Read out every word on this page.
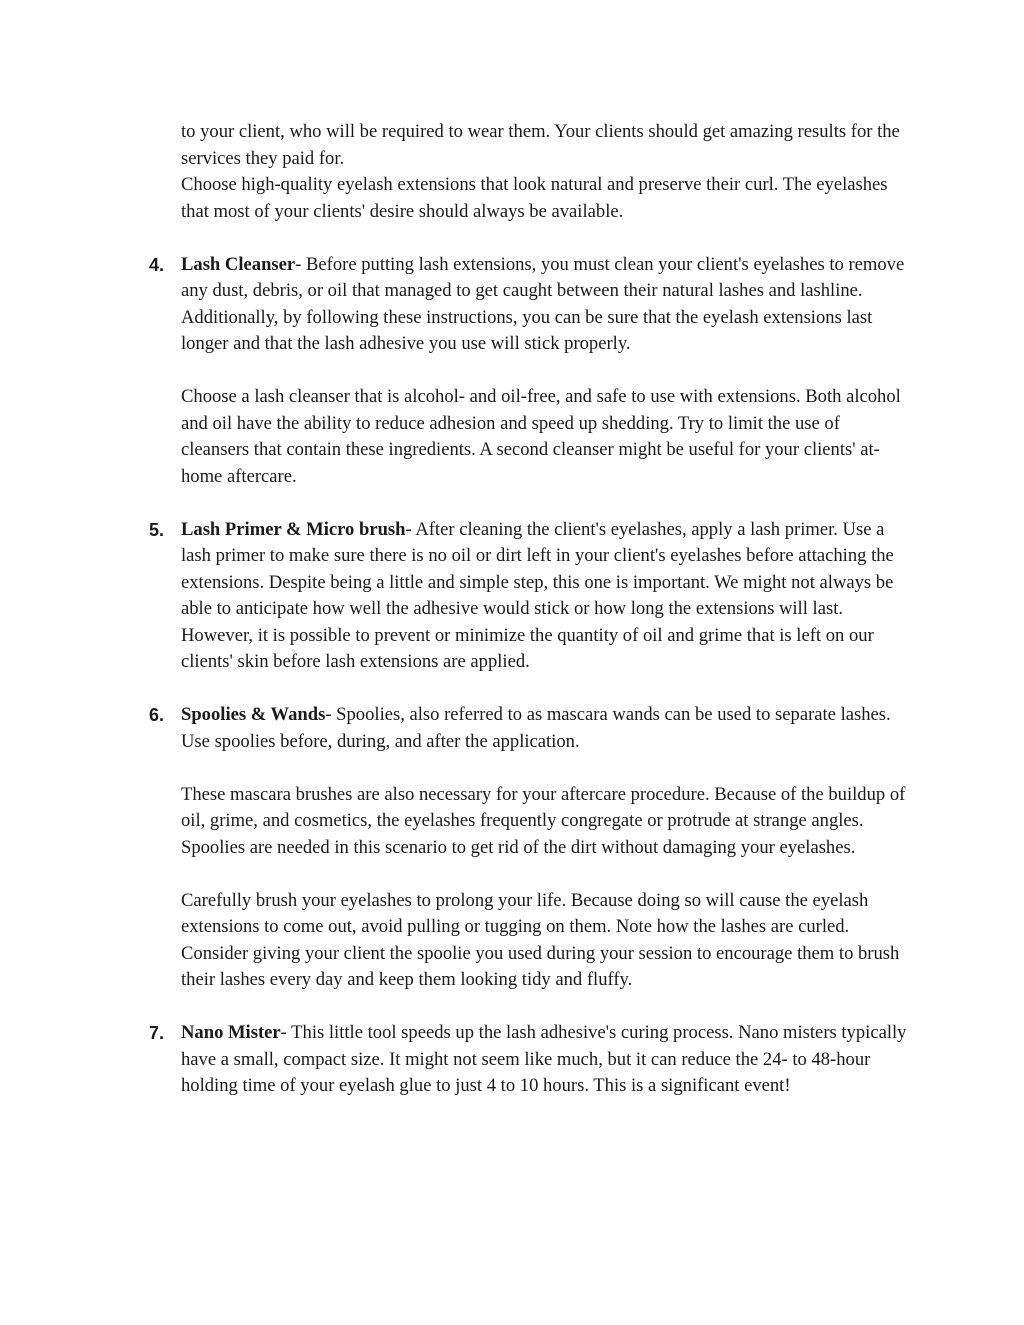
to your client, who will be required to wear them. Your clients should get amazing results for the services they paid for.

Choose high-quality eyelash extensions that look natural and preserve their curl. The eyelashes that most of your clients' desire should always be available.

4. Lash Cleanser- Before putting lash extensions, you must clean your client's eyelashes to remove any dust, debris, or oil that managed to get caught between their natural lashes and lashline. Additionally, by following these instructions, you can be sure that the eyelash extensions last longer and that the lash adhesive you use will stick properly.

Choose a lash cleanser that is alcohol- and oil-free, and safe to use with extensions. Both alcohol and oil have the ability to reduce adhesion and speed up shedding. Try to limit the use of cleansers that contain these ingredients. A second cleanser might be useful for your clients' at-home aftercare.

5. Lash Primer & Micro brush- After cleaning the client's eyelashes, apply a lash primer. Use a lash primer to make sure there is no oil or dirt left in your client's eyelashes before attaching the extensions. Despite being a little and simple step, this one is important. We might not always be able to anticipate how well the adhesive would stick or how long the extensions will last. However, it is possible to prevent or minimize the quantity of oil and grime that is left on our clients' skin before lash extensions are applied.

6. Spoolies & Wands- Spoolies, also referred to as mascara wands can be used to separate lashes. Use spoolies before, during, and after the application.

These mascara brushes are also necessary for your aftercare procedure. Because of the buildup of oil, grime, and cosmetics, the eyelashes frequently congregate or protrude at strange angles. Spoolies are needed in this scenario to get rid of the dirt without damaging your eyelashes.

Carefully brush your eyelashes to prolong your life. Because doing so will cause the eyelash extensions to come out, avoid pulling or tugging on them. Note how the lashes are curled. Consider giving your client the spoolie you used during your session to encourage them to brush their lashes every day and keep them looking tidy and fluffy.

7. Nano Mister- This little tool speeds up the lash adhesive's curing process. Nano misters typically have a small, compact size. It might not seem like much, but it can reduce the 24- to 48-hour holding time of your eyelash glue to just 4 to 10 hours. This is a significant event!
